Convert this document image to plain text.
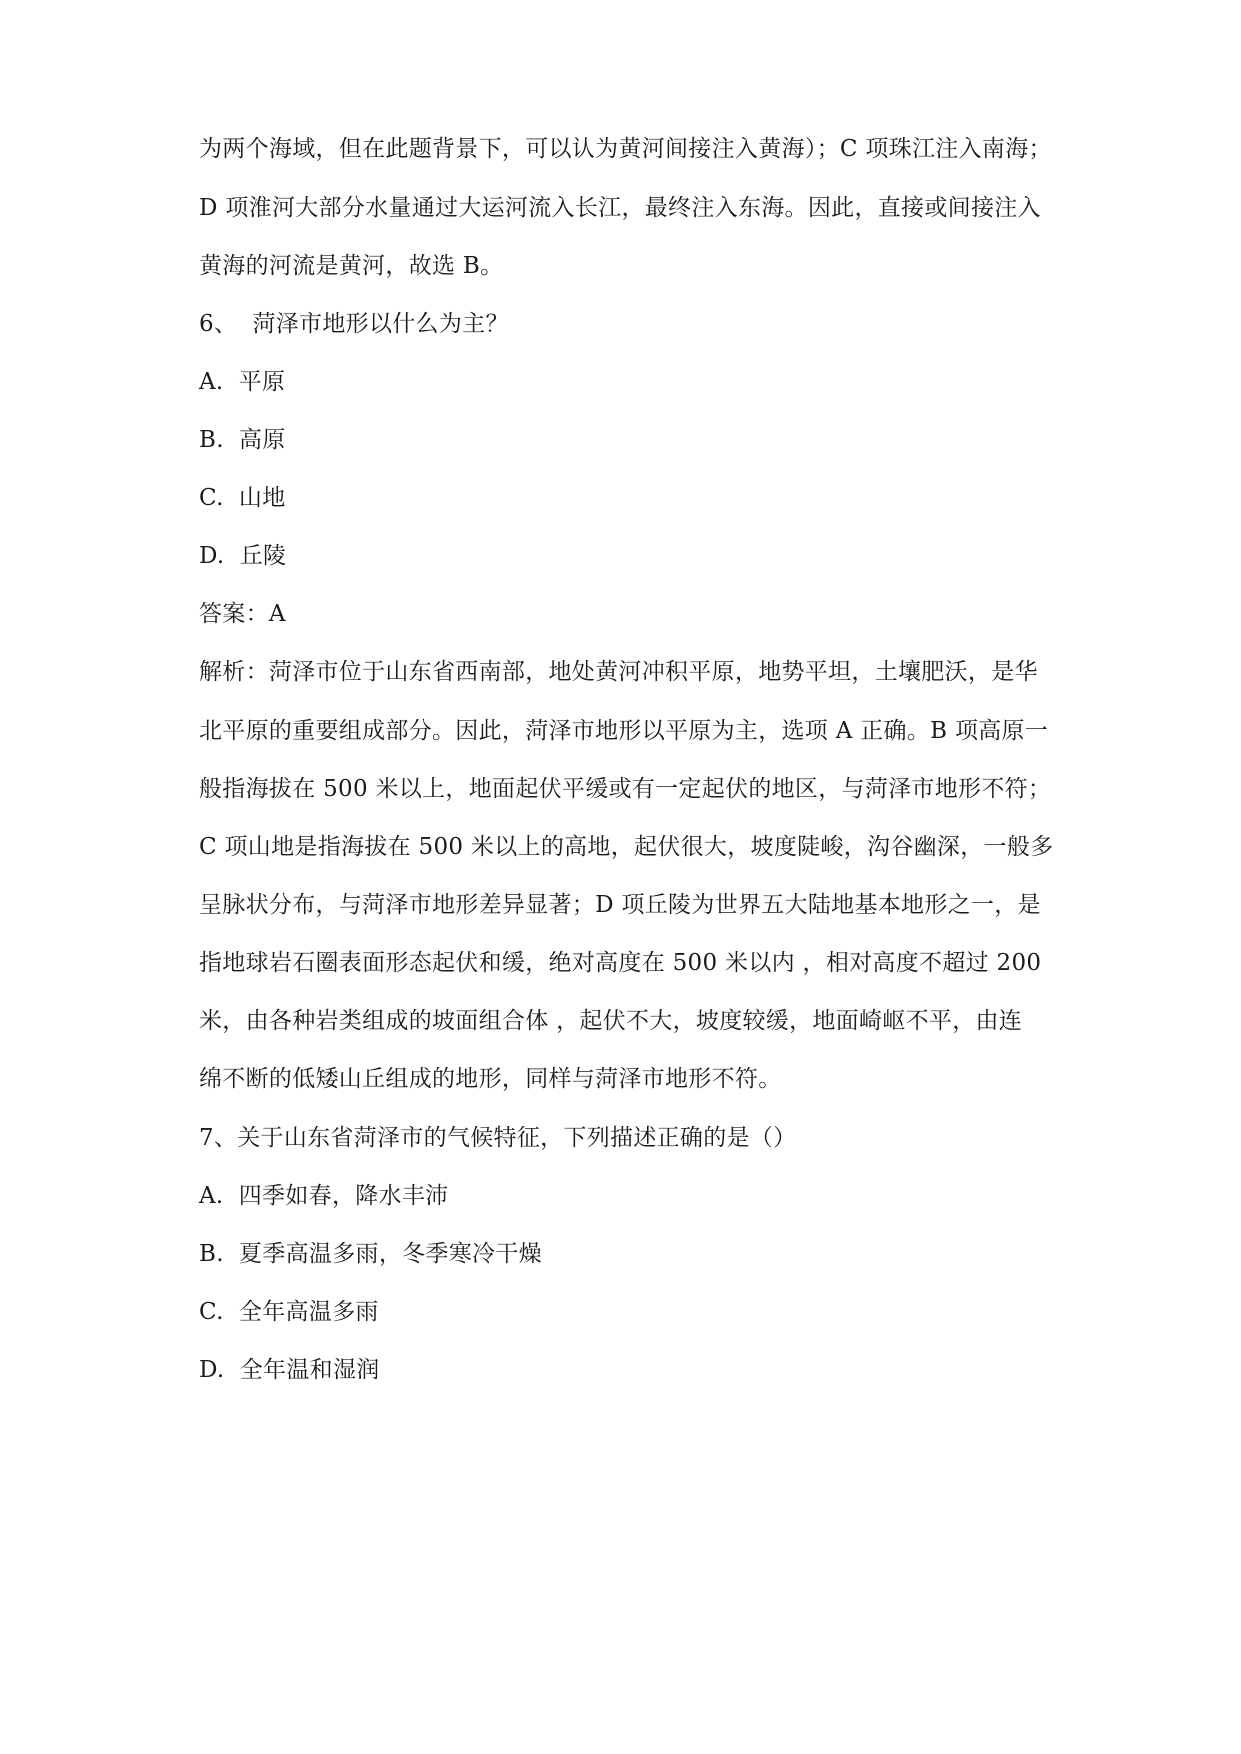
为两个海域，但在此题背景下，可以认为黄河间接注入黄海）；C 项珠江注入南海；
D 项淮河大部分水量通过大运河流入长江，最终注入东海。因此，直接或间接注入
黄海的河流是黄河，故选 B。
6、  菏泽市地形以什么为主？
A.  平原
B.  高原
C.  山地
D.  丘陵
答案：A
解析：菏泽市位于山东省西南部，地处黄河冲积平原，地势平坦，土壤肥沃，是华
北平原的重要组成部分。因此，菏泽市地形以平原为主，选项 A 正确。B 项高原一
般指海拔在 500 米以上，地面起伏平缓或有一定起伏的地区，与菏泽市地形不符；
C 项山地是指海拔在 500 米以上的高地，起伏很大，坡度陡峻，沟谷幽深，一般多
呈脉状分布，与菏泽市地形差异显著；D 项丘陵为世界五大陆地基本地形之一，是
指地球岩石圈表面形态起伏和缓，绝对高度在 500 米以内 ，相对高度不超过 200
米，由各种岩类组成的坡面组合体 ，起伏不大，坡度较缓，地面崎岖不平，由连
绵不断的低矮山丘组成的地形，同样与菏泽市地形不符。
7、关于山东省菏泽市的气候特征，下列描述正确的是（）
A.  四季如春，降水丰沛
B.  夏季高温多雨，冬季寒冷干燥
C.  全年高温多雨
D.  全年温和湿润
